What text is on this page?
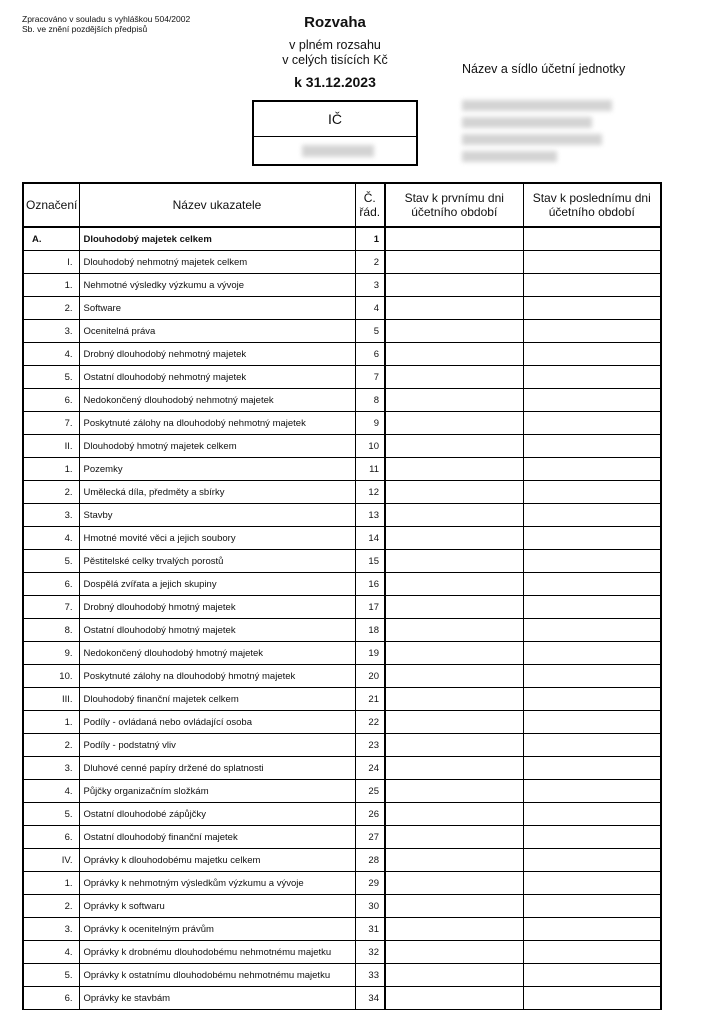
Zpracováno v souladu s vyhláškou 504/2002 Sb. ve znění pozdějších předpisů	Rozvaha
v plném rozsahu
v celých tisících Kč
k 31.12.2023
Název a sídlo účetní jednotky
IČ
Označení	Název ukazatele	Č. řád.	Stav k prvnímu dni účetního období	Stav k poslednímu dni účetního období
A.	Dlouhodobý majetek celkem	1		
I.	Dlouhodobý nehmotný majetek celkem	2		
1.	Nehmotné výsledky výzkumu a vývoje	3		
2.	Software	4		
3.	Ocenitelná práva	5		
4.	Drobný dlouhodobý nehmotný majetek	6		
5.	Ostatní dlouhodobý nehmotný majetek	7		
6.	Nedokončený dlouhodobý nehmotný majetek	8		
7.	Poskytnuté zálohy na dlouhodobý nehmotný majetek	9		
II.	Dlouhodobý hmotný majetek celkem	10		
1.	Pozemky	11		
2.	Umělecká díla, předměty a sbírky	12		
3.	Stavby	13		
4.	Hmotné movité věci a jejich soubory	14		
5.	Pěstitelské celky trvalých porostů	15		
6.	Dospělá zvířata a jejich skupiny	16		
7.	Drobný dlouhodobý hmotný majetek	17		
8.	Ostatní dlouhodobý hmotný majetek	18		
9.	Nedokončený dlouhodobý hmotný majetek	19		
10.	Poskytnuté zálohy na dlouhodobý hmotný majetek	20		
III.	Dlouhodobý finanční majetek celkem	21		
1.	Podíly - ovládaná nebo ovládající osoba	22		
2.	Podíly - podstatný vliv	23		
3.	Dluhové cenné papíry držené do splatnosti	24		
4.	Půjčky organizačním složkám	25		
5.	Ostatní dlouhodobé zápůjčky	26		
6.	Ostatní dlouhodobý finanční majetek	27		
IV.	Oprávky k dlouhodobému majetku celkem	28		
1.	Oprávky k nehmotným výsledkům výzkumu a vývoje	29		
2.	Oprávky k softwaru	30		
3.	Oprávky k ocenitelným právům	31		
4.	Oprávky k drobnému dlouhodobému nehmotnému majetku	32		
5.	Oprávky k ostatnímu dlouhodobému nehmotnému majetku	33		
6.	Oprávky ke stavbám	34		
